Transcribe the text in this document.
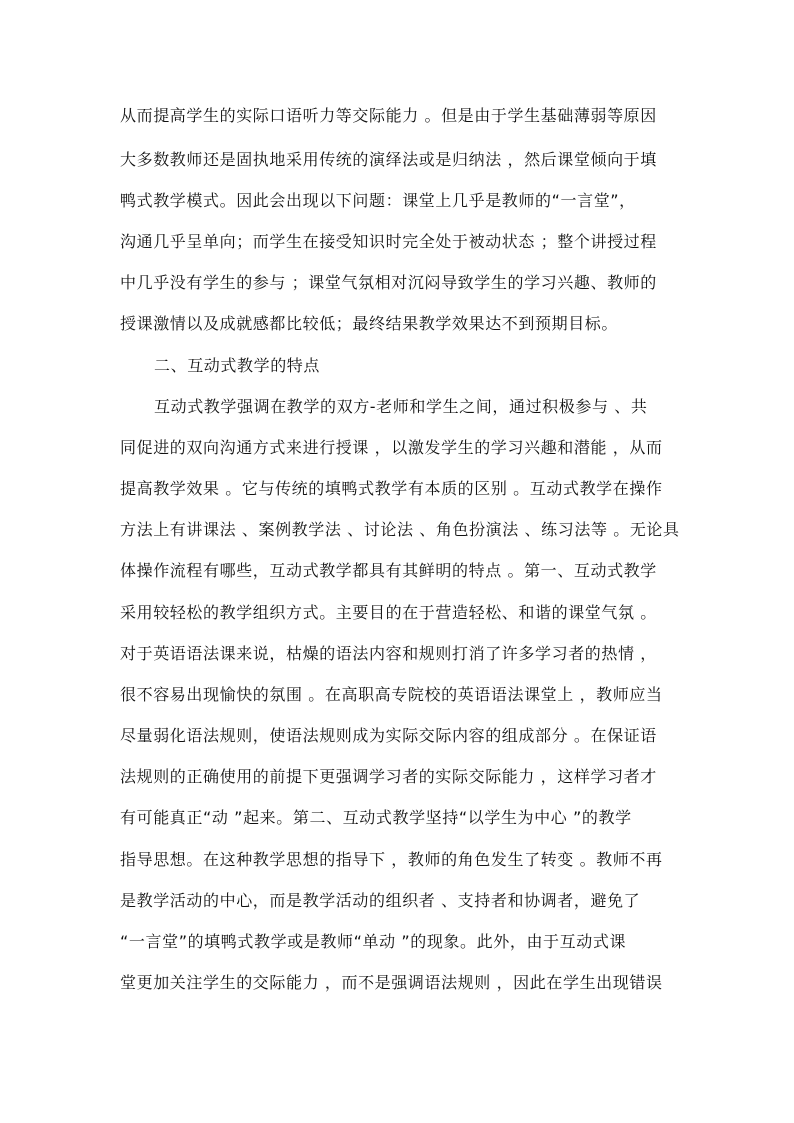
从而提高学生的实际口语听力等交际能力 。但是由于学生基础薄弱等原因
大多数教师还是固执地采用传统的演绎法或是归纳法 ，然后课堂倾向于填
鸭式教学模式。因此会出现以下问题：课堂上几乎是教师的“一言堂”，
沟通几乎呈单向；而学生在接受知识时完全处于被动状态 ；整个讲授过程
中几乎没有学生的参与 ；课堂气氛相对沉闷导致学生的学习兴趣、教师的
授课激情以及成就感都比较低；最终结果教学效果达不到预期目标。
二、互动式教学的特点
互动式教学强调在教学的双方-老师和学生之间，通过积极参与 、共
同促进的双向沟通方式来进行授课 ，以激发学生的学习兴趣和潜能 ，从而
提高教学效果 。它与传统的填鸭式教学有本质的区别 。互动式教学在操作
方法上有讲课法 、案例教学法 、讨论法 、角色扮演法 、练习法等 。无论具
体操作流程有哪些，互动式教学都具有其鲜明的特点 。第一、互动式教学
采用较轻松的教学组织方式。主要目的在于营造轻松、和谐的课堂气氛 。
对于英语语法课来说，枯燥的语法内容和规则打消了许多学习者的热情 ，
很不容易出现愉快的氛围 。在高职高专院校的英语语法课堂上 ，教师应当
尽量弱化语法规则，使语法规则成为实际交际内容的组成部分 。在保证语
法规则的正确使用的前提下更强调学习者的实际交际能力 ，这样学习者才
有可能真正“动 ”起来。第二、互动式教学坚持“以学生为中心 ”的教学
指导思想。在这种教学思想的指导下 ，教师的角色发生了转变 。教师不再
是教学活动的中心，而是教学活动的组织者 、支持者和协调者，避免了
“一言堂”的填鸭式教学或是教师“单动 ”的现象。此外，由于互动式课
堂更加关注学生的交际能力 ，而不是强调语法规则 ，因此在学生出现错误
